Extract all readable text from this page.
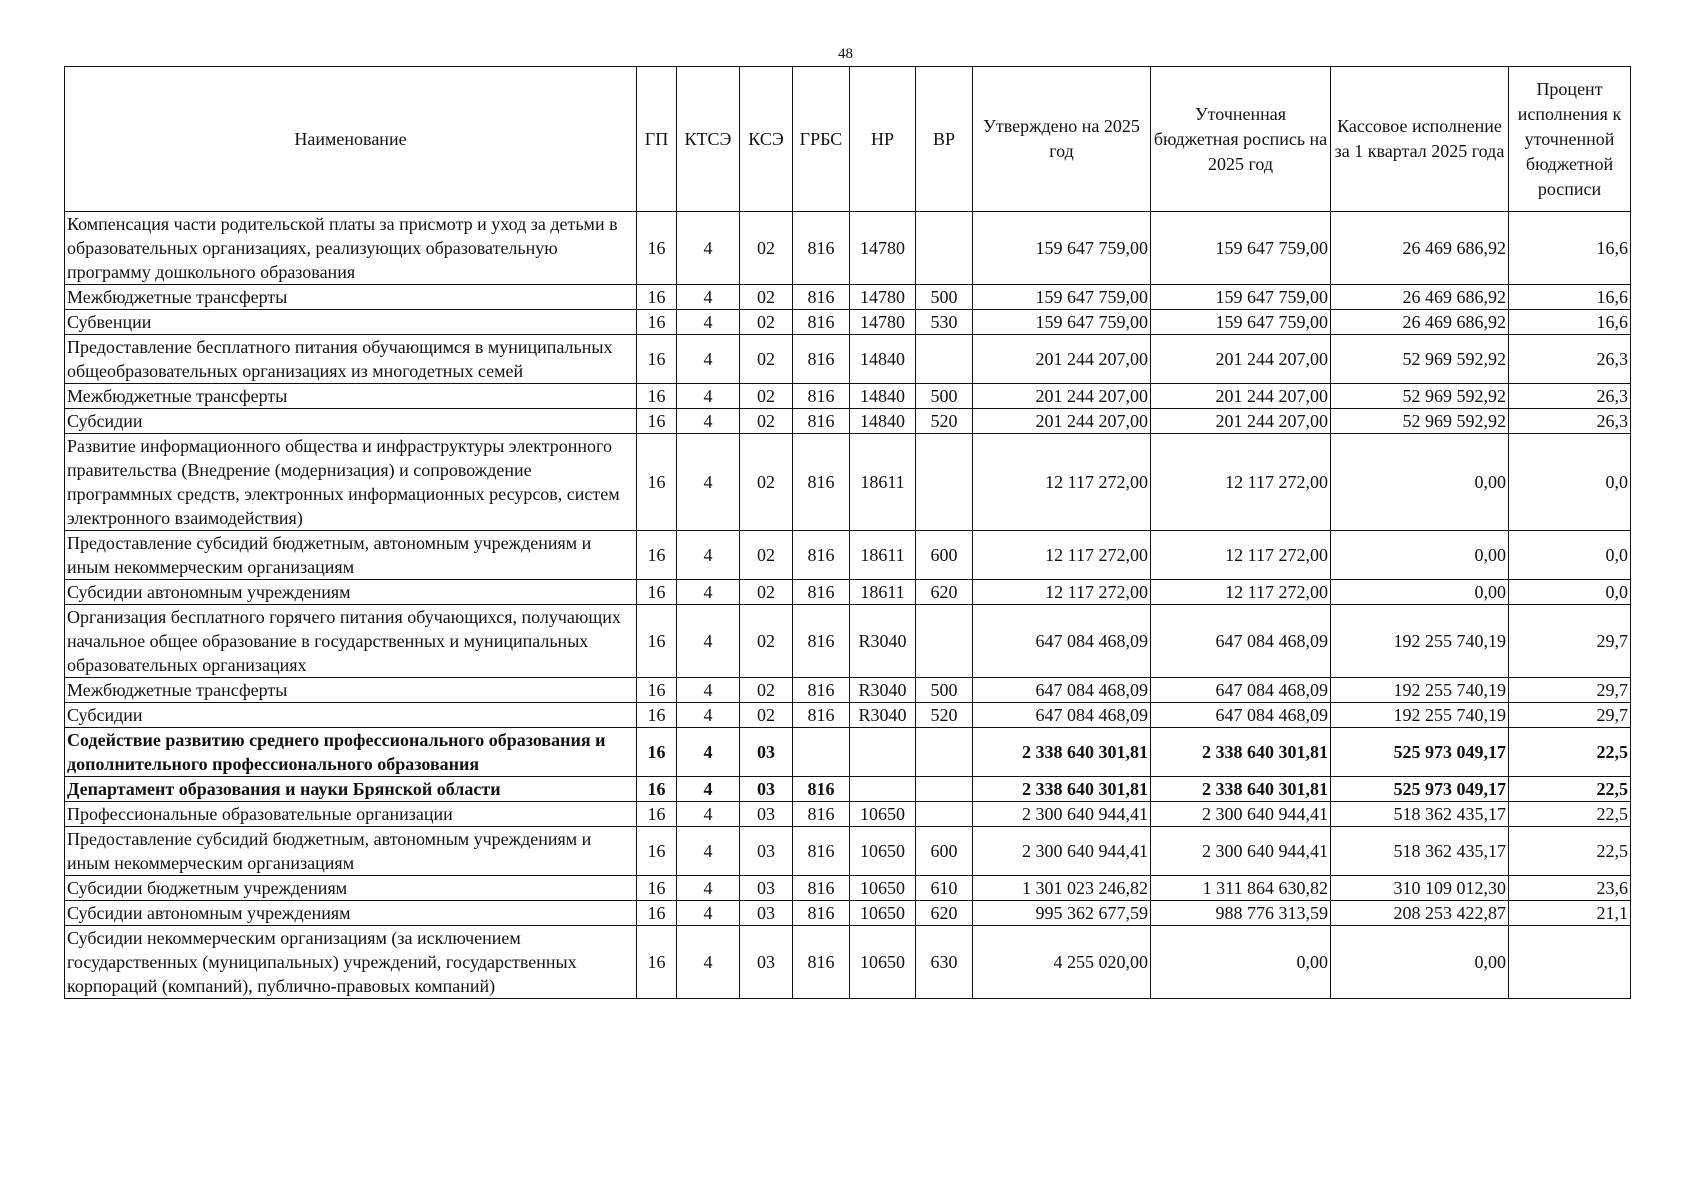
48
Наименование	ГП	КТСЭ	КСЭ	ГРБС	НР	ВР	Утверждено на 2025 год	Уточненная бюджетная роспись на 2025 год	Кассовое исполнение за 1 квартал 2025 года	Процент исполнения к уточненной бюджетной росписи
Компенсация части родительской платы за присмотр и уход за детьми в образовательных организациях, реализующих образовательную программу дошкольного образования	16	4	02	816	14780		159 647 759,00	159 647 759,00	26 469 686,92	16,6
Межбюджетные трансферты	16	4	02	816	14780	500	159 647 759,00	159 647 759,00	26 469 686,92	16,6
Субвенции	16	4	02	816	14780	530	159 647 759,00	159 647 759,00	26 469 686,92	16,6
Предоставление бесплатного питания обучающимся в муниципальных общеобразовательных организациях из многодетных семей	16	4	02	816	14840		201 244 207,00	201 244 207,00	52 969 592,92	26,3
Межбюджетные трансферты	16	4	02	816	14840	500	201 244 207,00	201 244 207,00	52 969 592,92	26,3
Субсидии	16	4	02	816	14840	520	201 244 207,00	201 244 207,00	52 969 592,92	26,3
Развитие информационного общества и инфраструктуры электронного правительства (Внедрение (модернизация) и сопровождение программных средств, электронных информационных ресурсов, систем электронного взаимодействия)	16	4	02	816	18611		12 117 272,00	12 117 272,00	0,00	0,0
Предоставление субсидий бюджетным, автономным учреждениям и иным некоммерческим организациям	16	4	02	816	18611	600	12 117 272,00	12 117 272,00	0,00	0,0
Субсидии автономным учреждениям	16	4	02	816	18611	620	12 117 272,00	12 117 272,00	0,00	0,0
Организация бесплатного горячего питания обучающихся, получающих начальное общее образование в государственных и муниципальных образовательных организациях	16	4	02	816	R3040		647 084 468,09	647 084 468,09	192 255 740,19	29,7
Межбюджетные трансферты	16	4	02	816	R3040	500	647 084 468,09	647 084 468,09	192 255 740,19	29,7
Субсидии	16	4	02	816	R3040	520	647 084 468,09	647 084 468,09	192 255 740,19	29,7
Содействие развитию среднего профессионального образования и дополнительного профессионального образования	16	4	03				2 338 640 301,81	2 338 640 301,81	525 973 049,17	22,5
Департамент образования и науки Брянской области	16	4	03	816			2 338 640 301,81	2 338 640 301,81	525 973 049,17	22,5
Профессиональные образовательные организации	16	4	03	816	10650		2 300 640 944,41	2 300 640 944,41	518 362 435,17	22,5
Предоставление субсидий бюджетным, автономным учреждениям и иным некоммерческим организациям	16	4	03	816	10650	600	2 300 640 944,41	2 300 640 944,41	518 362 435,17	22,5
Субсидии бюджетным учреждениям	16	4	03	816	10650	610	1 301 023 246,82	1 311 864 630,82	310 109 012,30	23,6
Субсидии автономным учреждениям	16	4	03	816	10650	620	995 362 677,59	988 776 313,59	208 253 422,87	21,1
Субсидии некоммерческим организациям (за исключением государственных (муниципальных) учреждений, государственных корпораций (компаний), публично-правовых компаний)	16	4	03	816	10650	630	4 255 020,00	0,00	0,00	
